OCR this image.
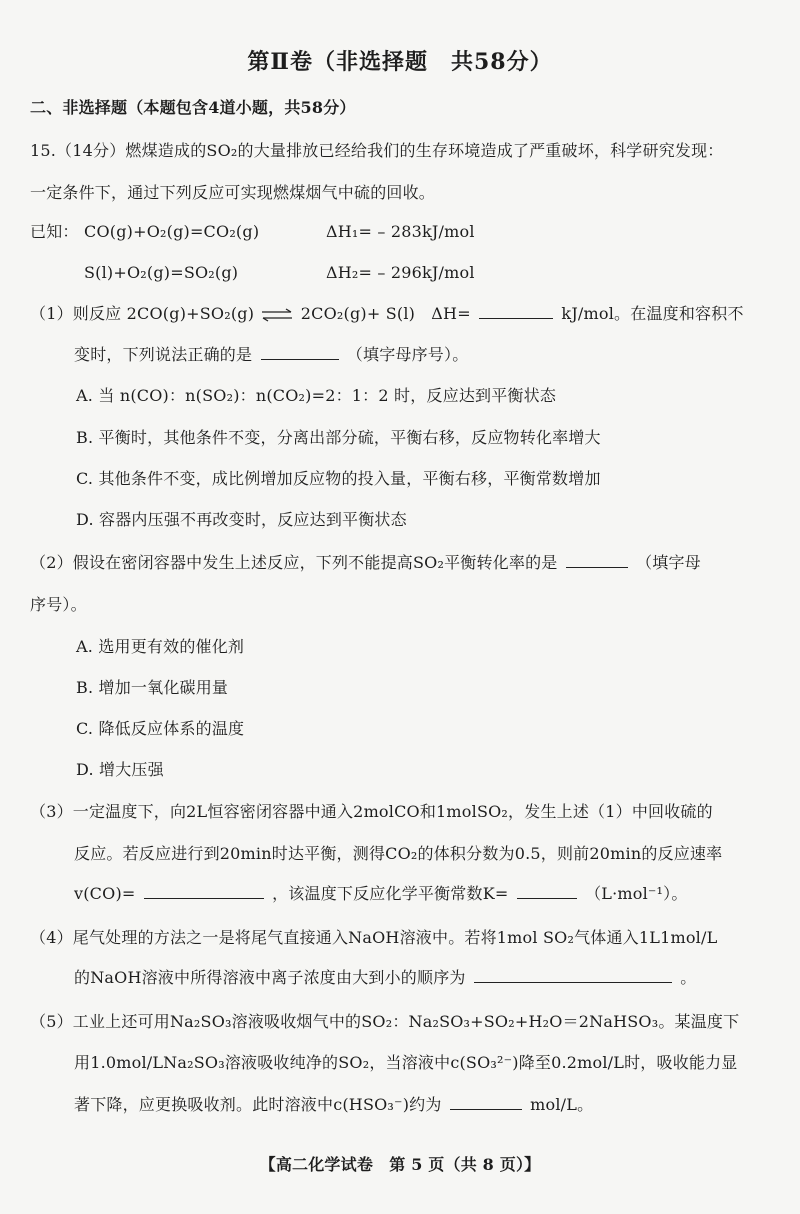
第Ⅱ卷（非选择题　共58分）
二、非选择题（本题包含4道小题，共58分）
15.（14分）燃煤造成的SO₂的大量排放已经给我们的生存环境造成了严重破坏，科学研究发现：
一定条件下，通过下列反应可实现燃煤烟气中硫的回收。
已知： CO(g)+O₂(g)=CO₂(g)	ΔH₁= – 283kJ/mol
S(l)+O₂(g)=SO₂(g)	ΔH₂= – 296kJ/mol
（1）则反应 2CO(g)+SO₂(g) ⇌ 2CO₂(g)+ S(l)　ΔH=	kJ/mol。在温度和容积不
变时，下列说法正确的是	（填字母序号）。
A. 当 n(CO)：n(SO₂)：n(CO₂)=2：1：2 时，反应达到平衡状态
B. 平衡时，其他条件不变，分离出部分硫，平衡右移，反应物转化率增大
C. 其他条件不变，成比例增加反应物的投入量，平衡右移，平衡常数增加
D. 容器内压强不再改变时，反应达到平衡状态
（2）假设在密闭容器中发生上述反应，下列不能提高SO₂平衡转化率的是	（填字母
序号）。
A. 选用更有效的催化剂
B. 增加一氧化碳用量
C. 降低反应体系的温度
D. 增大压强
（3）一定温度下，向2L恒容密闭容器中通入2molCO和1molSO₂，发生上述（1）中回收硫的
反应。若反应进行到20min时达平衡，测得CO₂的体积分数为0.5，则前20min的反应速率
v(CO)=	，该温度下反应化学平衡常数K=	（L·mol⁻¹）。
（4）尾气处理的方法之一是将尾气直接通入NaOH溶液中。若将1mol SO₂气体通入1L1mol/L
的NaOH溶液中所得溶液中离子浓度由大到小的顺序为	。
（5）工业上还可用Na₂SO₃溶液吸收烟气中的SO₂：Na₂SO₃+SO₂+H₂O＝2NaHSO₃。某温度下
用1.0mol/LNa₂SO₃溶液吸收纯净的SO₂，当溶液中c(SO₃²⁻)降至0.2mol/L时，吸收能力显
著下降，应更换吸收剂。此时溶液中c(HSO₃⁻)约为	mol/L。
【高二化学试卷　第 5 页（共 8 页）】
